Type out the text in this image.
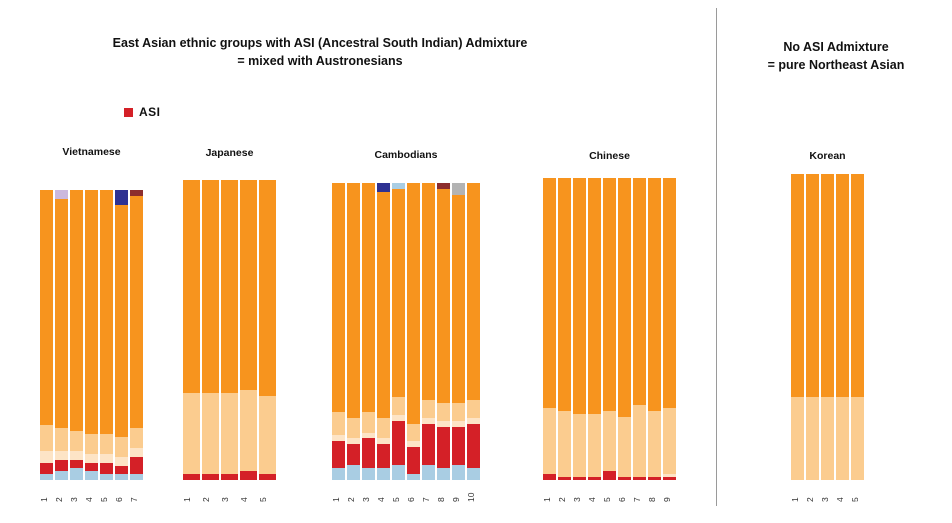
East Asian ethnic groups with ASI (Ancestral South Indian) Admixture
= mixed with Austronesians
No ASI Admixture
= pure Northeast Asian
ASI
Vietnamese
1 2 3 4 5 6 7
Japanese
1	2	3	4	5
Cambodians
1 2 3 4 5 6 7 8 9 10
Chinese
1 2 3 4 5 6 7 8 9
Korean
1 2 3 4 5
